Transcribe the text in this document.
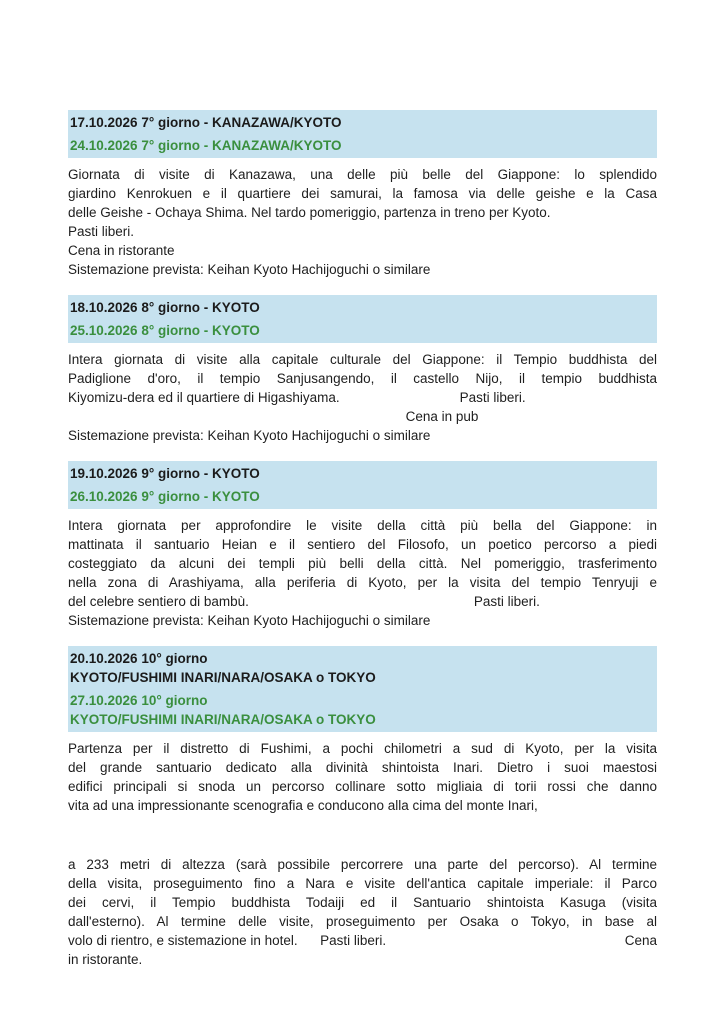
17.10.2026 7° giorno - KANAZAWA/KYOTO
24.10.2026 7° giorno - KANAZAWA/KYOTO
Giornata di visite di Kanazawa, una delle più belle del Giappone: lo splendido
giardino Kenrokuen e il quartiere dei samurai, la famosa via delle geishe e la Casa
delle Geishe - Ochaya Shima. Nel tardo pomeriggio, partenza in treno per Kyoto.
Pasti liberi.
Cena in ristorante
Sistemazione prevista: Keihan Kyoto Hachijoguchi o similare
18.10.2026 8° giorno - KYOTO
25.10.2026 8° giorno - KYOTO
Intera giornata di visite alla capitale culturale del Giappone: il Tempio buddhista del
Padiglione d'oro, il tempio Sanjusangendo, il castello Nijo, il tempio buddhista
Kiyomizu-dera ed il quartiere di Higashiyama.                                Pasti liberi.
Cena in pub
Sistemazione prevista: Keihan Kyoto Hachijoguchi o similare
19.10.2026 9° giorno - KYOTO
26.10.2026 9° giorno - KYOTO
Intera giornata per approfondire le visite della città più bella del Giappone: in
mattinata il santuario Heian e il sentiero del Filosofo, un poetico percorso a piedi
costeggiato da alcuni dei templi più belli della città. Nel pomeriggio, trasferimento
nella zona di Arashiyama, alla periferia di Kyoto, per la visita del tempio Tenryuji e
del celebre sentiero di bambù.                                                            Pasti liberi.
Sistemazione prevista: Keihan Kyoto Hachijoguchi o similare
20.10.2026 10° giorno
KYOTO/FUSHIMI INARI/NARA/OSAKA o TOKYO
27.10.2026 10° giorno
KYOTO/FUSHIMI INARI/NARA/OSAKA o TOKYO
Partenza per il distretto di Fushimi, a pochi chilometri a sud di Kyoto, per la visita
del grande santuario dedicato alla divinità shintoista Inari. Dietro i suoi maestosi
edifici principali si snoda un percorso collinare sotto migliaia di torii rossi che danno
vita ad una impressionante scenografia e conducono alla cima del monte Inari,
a 233 metri di altezza (sarà possibile percorrere una parte del percorso). Al termine
della visita, proseguimento fino a Nara e visite dell'antica capitale imperiale: il Parco
dei cervi, il Tempio buddhista Todaiji ed il Santuario shintoista Kasuga (visita
dall'esterno). Al termine delle visite, proseguimento per Osaka o Tokyo, in base al
volo di rientro, e sistemazione in hotel.      Pasti liberi.	Cena
in ristorante.
